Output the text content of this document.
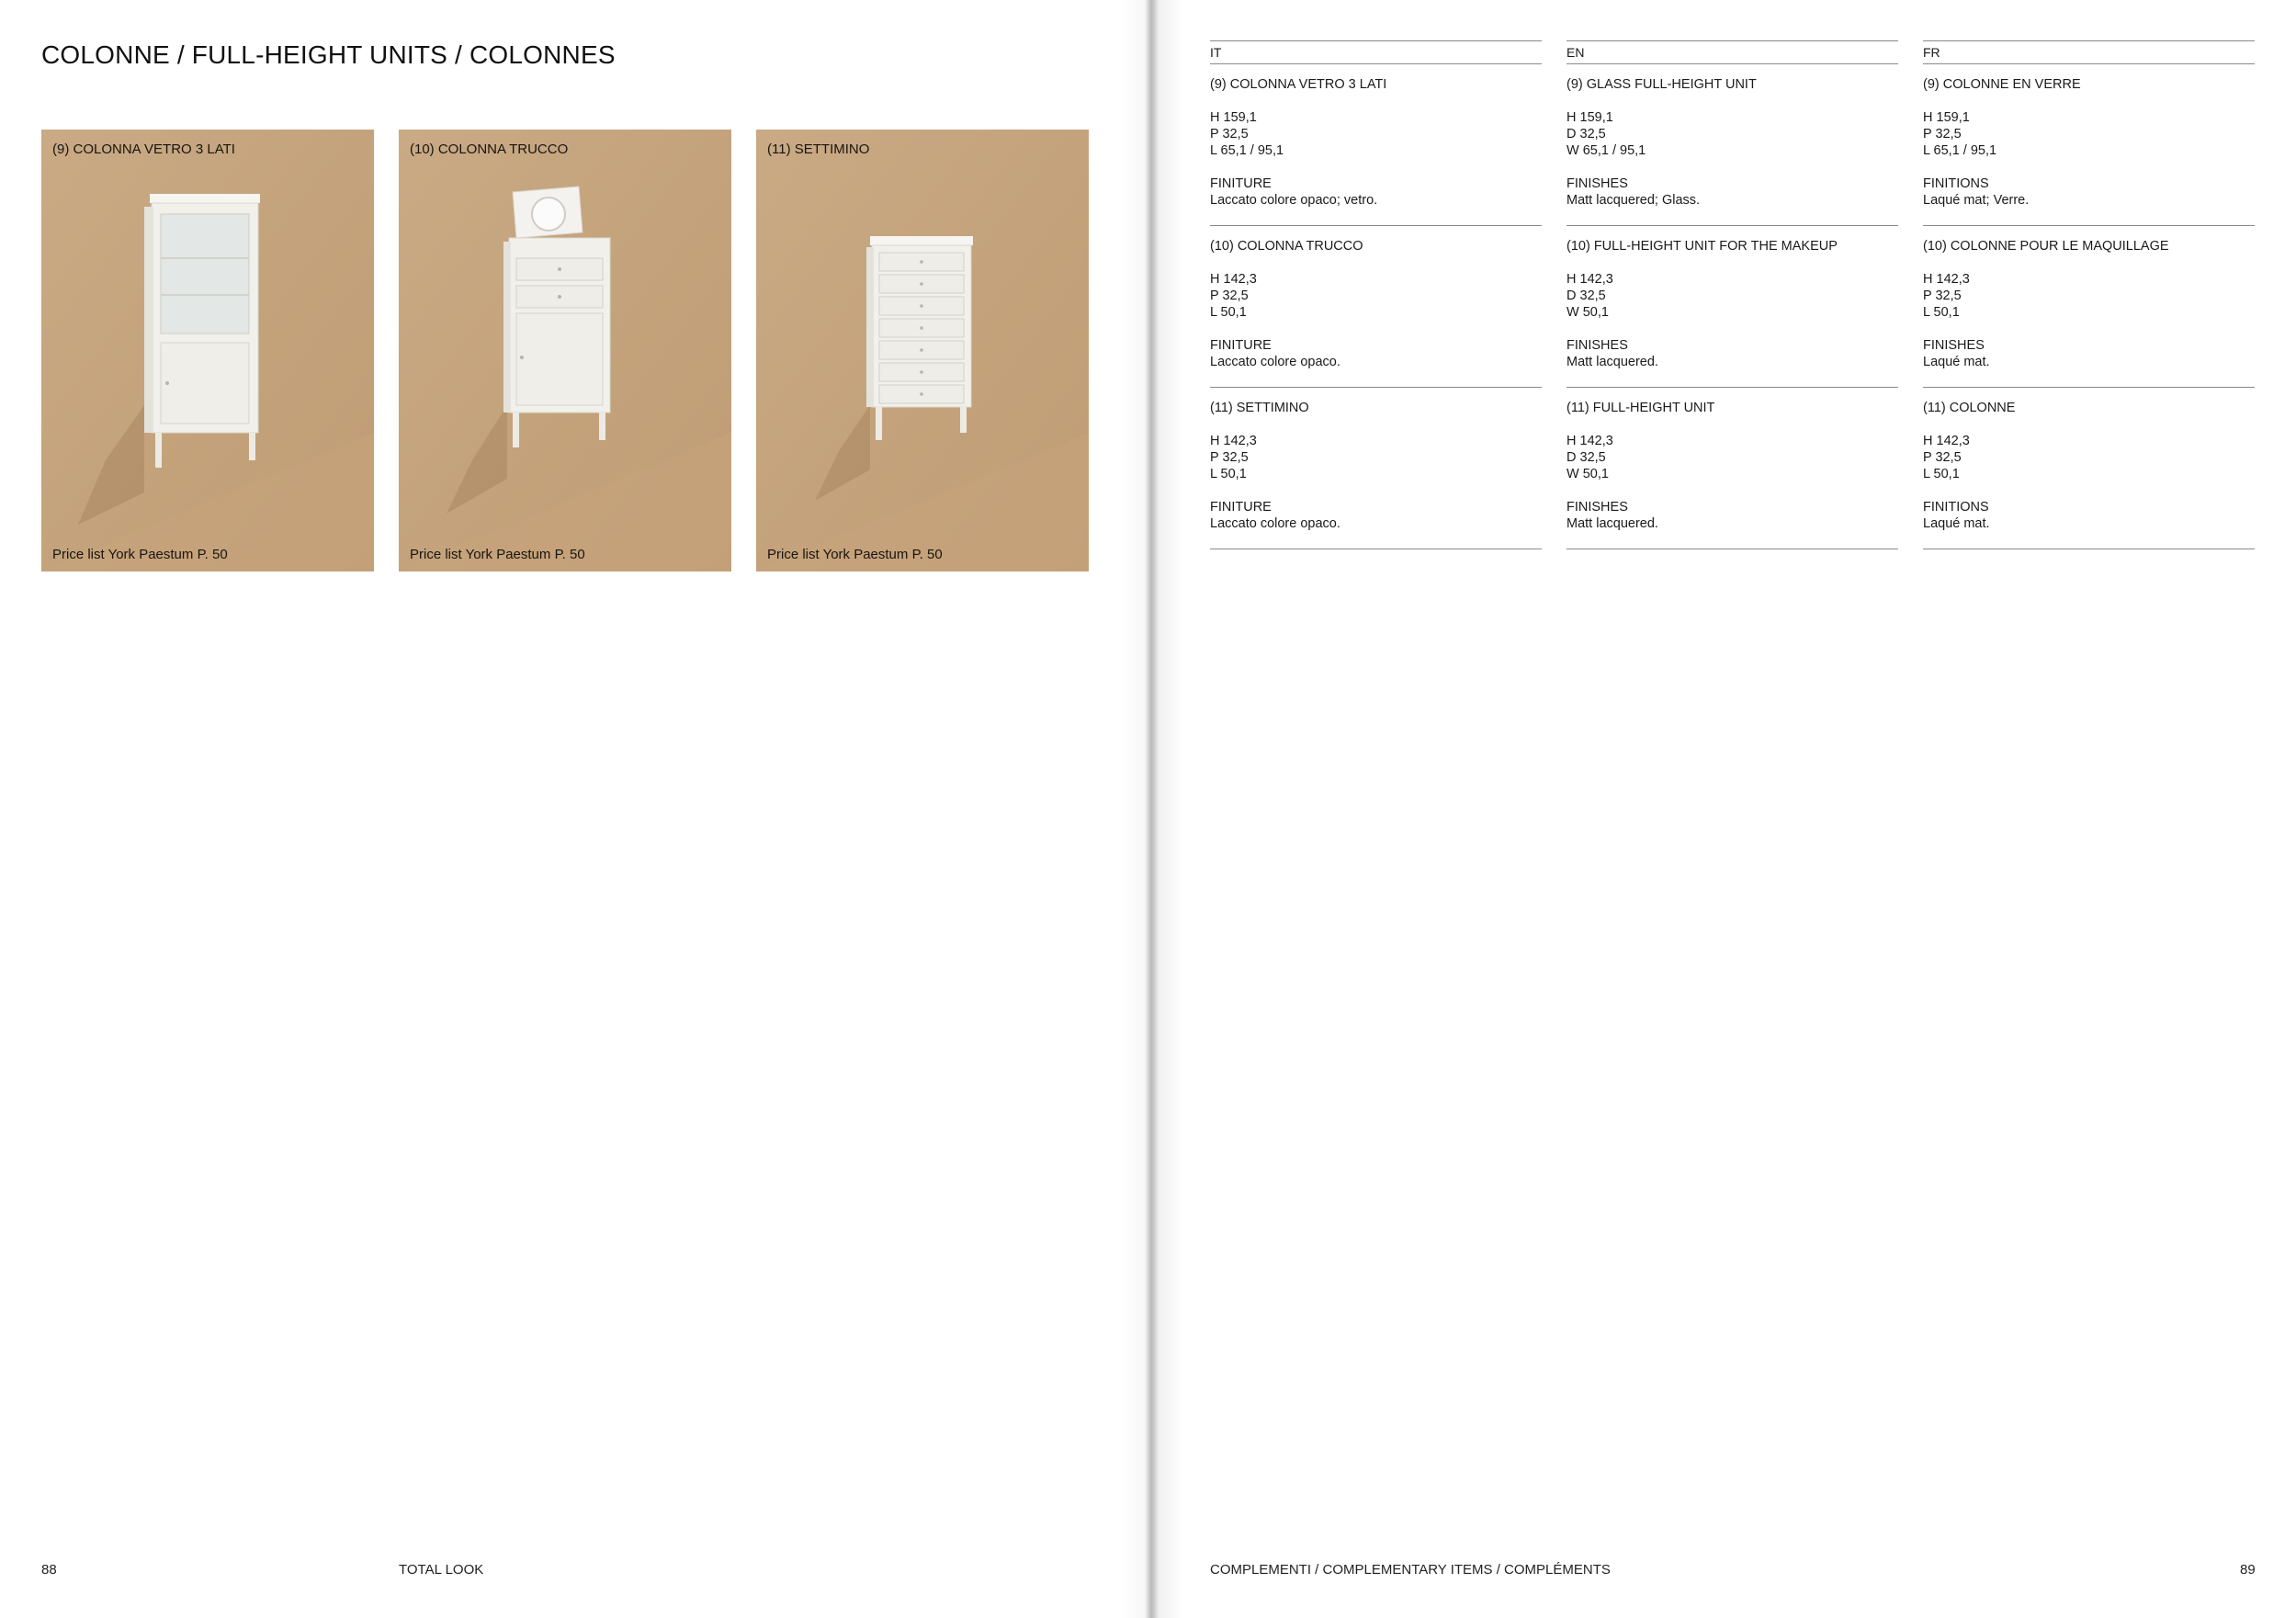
COLONNE / FULL-HEIGHT UNITS / COLONNES
(9) COLONNA VETRO 3 LATI
Price list York Paestum P. 50
(10) COLONNA TRUCCO
Price list York Paestum P. 50
(11) SETTIMINO
Price list York Paestum P. 50
88	TOTAL LOOK
IT
(9) COLONNA VETRO 3 LATI
H 159,1
P 32,5
L 65,1 / 95,1
FINITURE
Laccato colore opaco; vetro.
(10) COLONNA TRUCCO
H 142,3
P 32,5
L 50,1
FINITURE
Laccato colore opaco.
(11) SETTIMINO
H 142,3
P 32,5
L 50,1
FINITURE
Laccato colore opaco.
EN
(9) GLASS FULL-HEIGHT UNIT
H 159,1
D 32,5
W 65,1 / 95,1
FINISHES
Matt lacquered; Glass.
(10) FULL-HEIGHT UNIT FOR THE MAKEUP
H 142,3
D 32,5
W 50,1
FINISHES
Matt lacquered.
(11) FULL-HEIGHT UNIT
H 142,3
D 32,5
W 50,1
FINISHES
Matt lacquered.
FR
(9) COLONNE EN VERRE
H 159,1
P 32,5
L 65,1 / 95,1
FINITIONS
Laqué mat; Verre.
(10) COLONNE POUR LE MAQUILLAGE
H 142,3
P 32,5
L 50,1
FINISHES
Laqué mat.
(11) COLONNE
H 142,3
P 32,5
L 50,1
FINITIONS
Laqué mat.
COMPLEMENTI / COMPLEMENTARY ITEMS / COMPLÉMENTS	89
